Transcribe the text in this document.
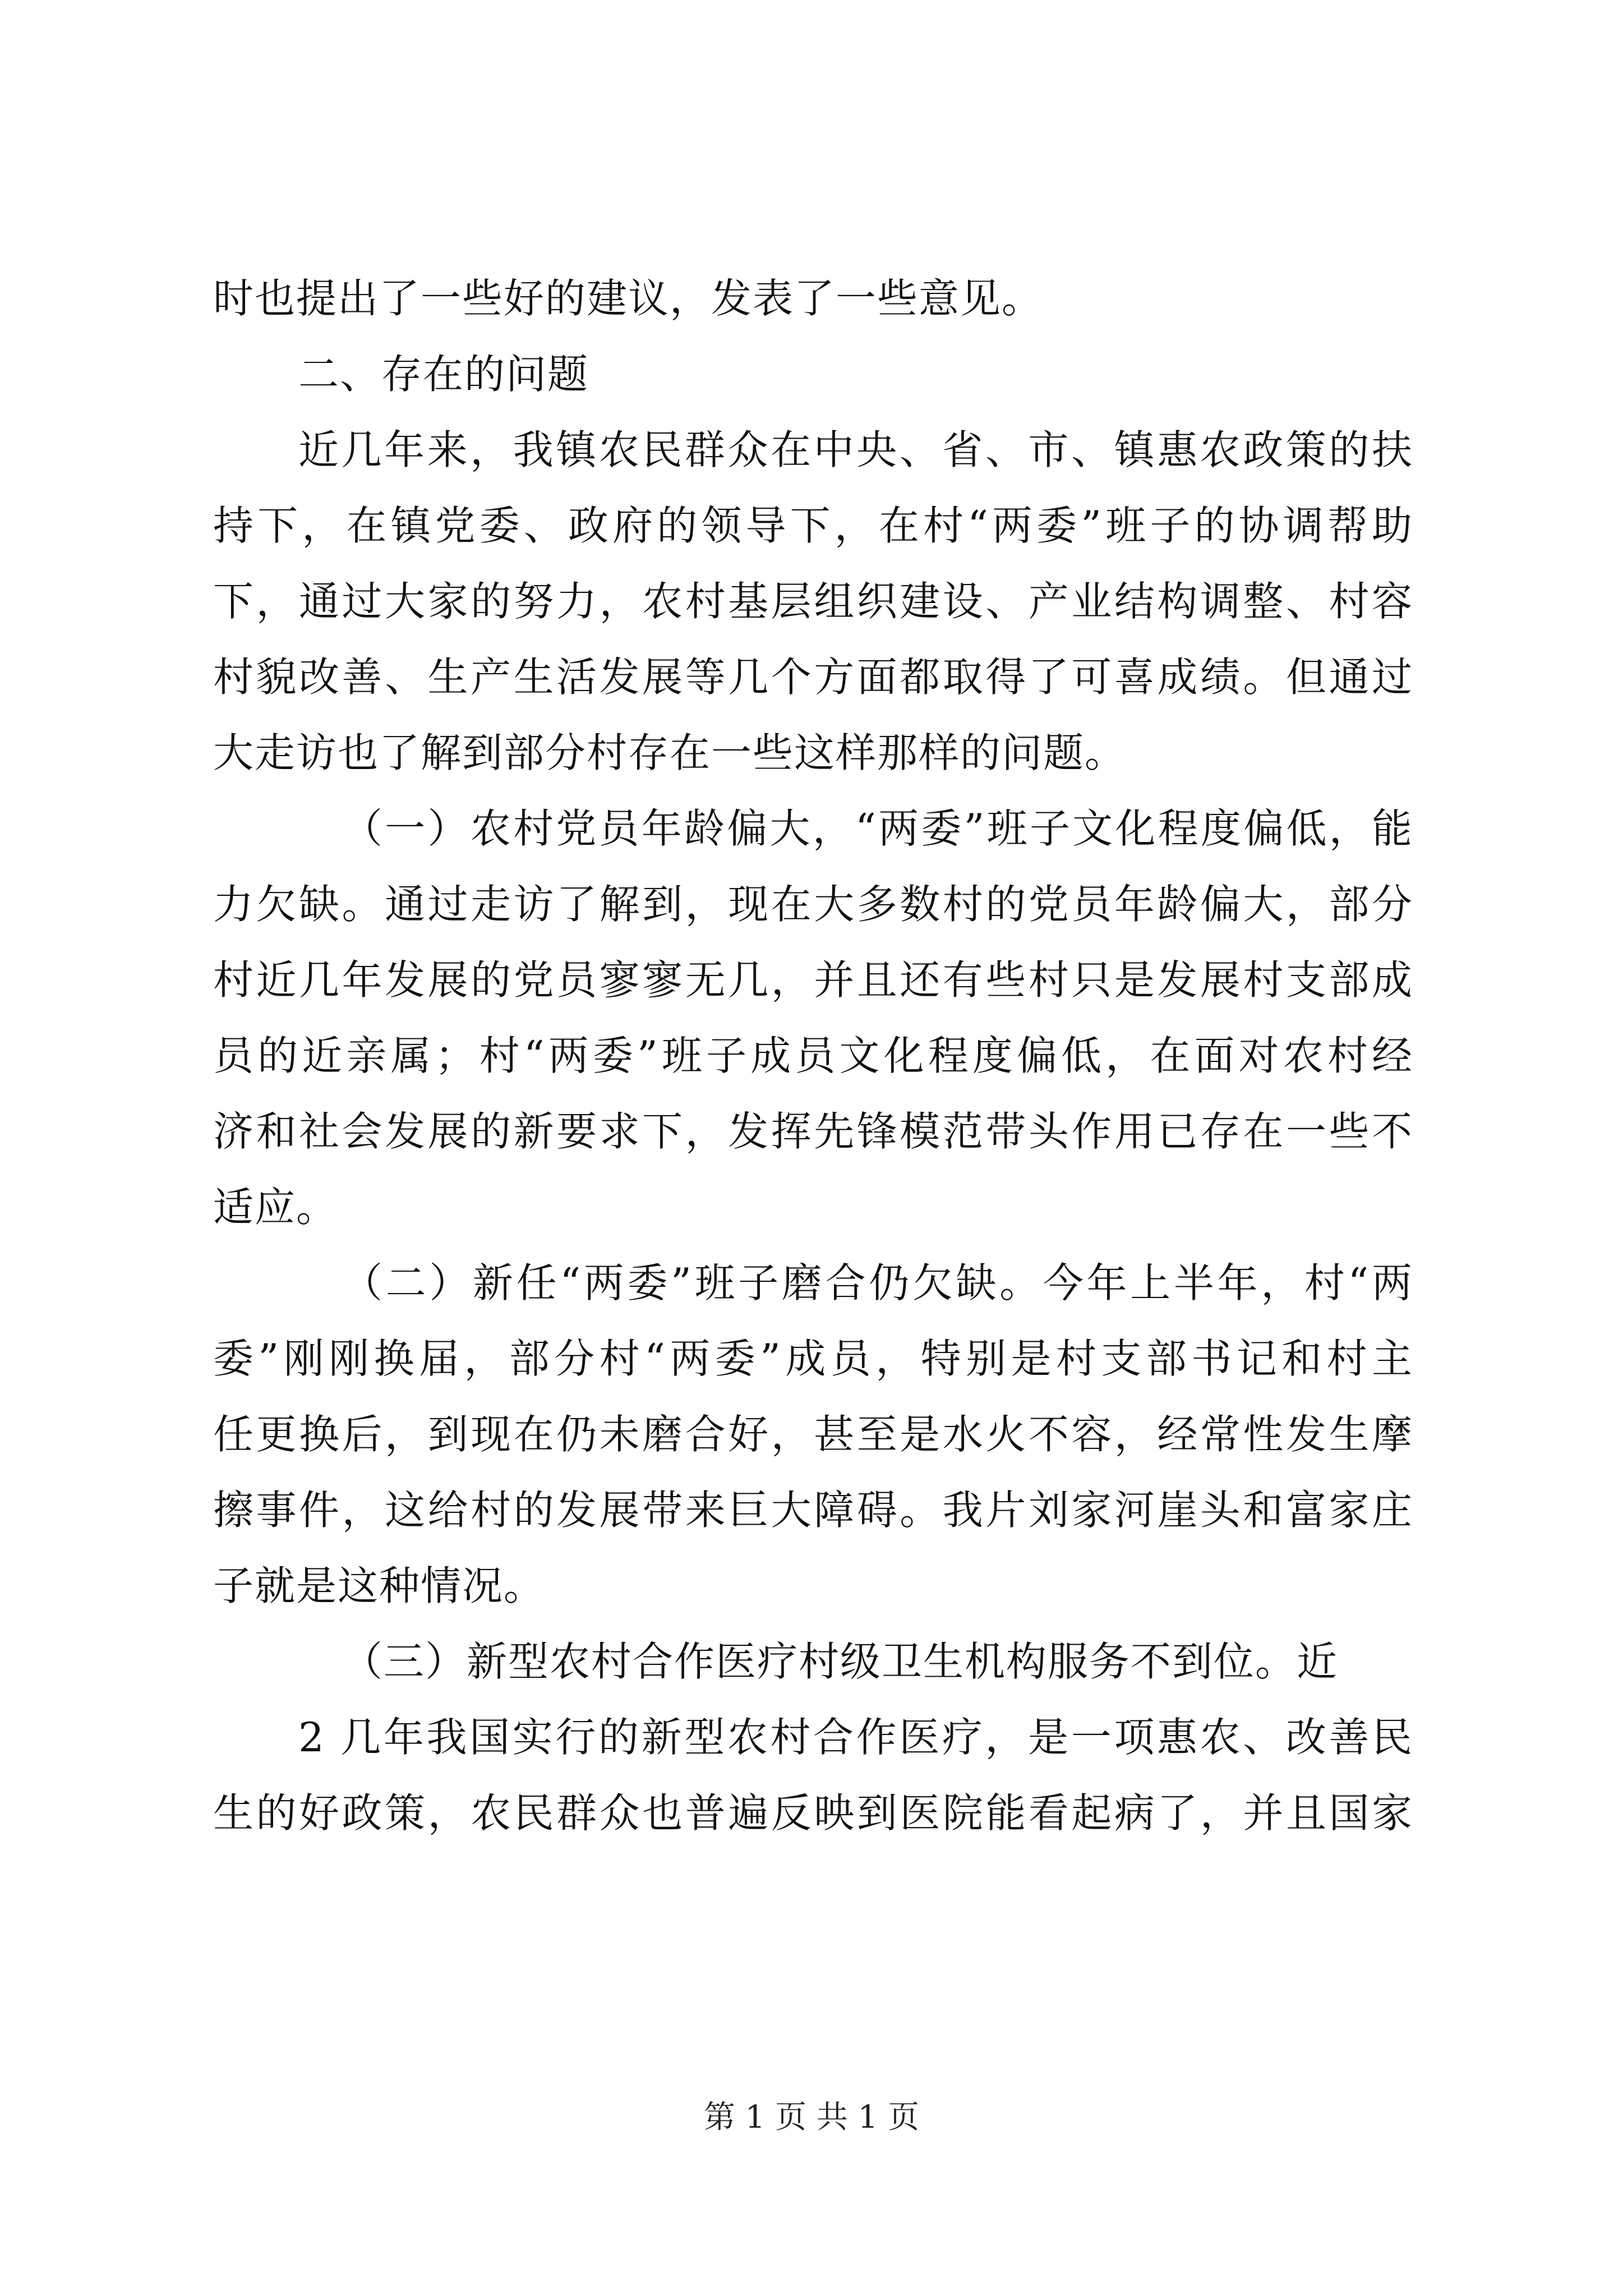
时也提出了一些好的建议，发表了一些意见。
二、存在的问题
近几年来，我镇农民群众在中央、省、市、镇惠农政策的扶
持下，在镇党委、政府的领导下，在村“两委”班子的协调帮助
下，通过大家的努力，农村基层组织建设、产业结构调整、村容
村貌改善、生产生活发展等几个方面都取得了可喜成绩。但通过
大走访也了解到部分村存在一些这样那样的问题。
（一）农村党员年龄偏大，“两委”班子文化程度偏低，能
力欠缺。通过走访了解到，现在大多数村的党员年龄偏大，部分
村近几年发展的党员寥寥无几，并且还有些村只是发展村支部成
员的近亲属；村“两委”班子成员文化程度偏低，在面对农村经
济和社会发展的新要求下，发挥先锋模范带头作用已存在一些不
适应。
（二）新任“两委”班子磨合仍欠缺。今年上半年，村“两
委”刚刚换届，部分村“两委”成员，特别是村支部书记和村主
任更换后，到现在仍未磨合好，甚至是水火不容，经常性发生摩
擦事件，这给村的发展带来巨大障碍。我片刘家河崖头和富家庄
子就是这种情况。
（三）新型农村合作医疗村级卫生机构服务不到位。近
2 几年我国实行的新型农村合作医疗，是一项惠农、改善民
生的好政策，农民群众也普遍反映到医院能看起病了，并且国家
第 1 页 共 1 页
